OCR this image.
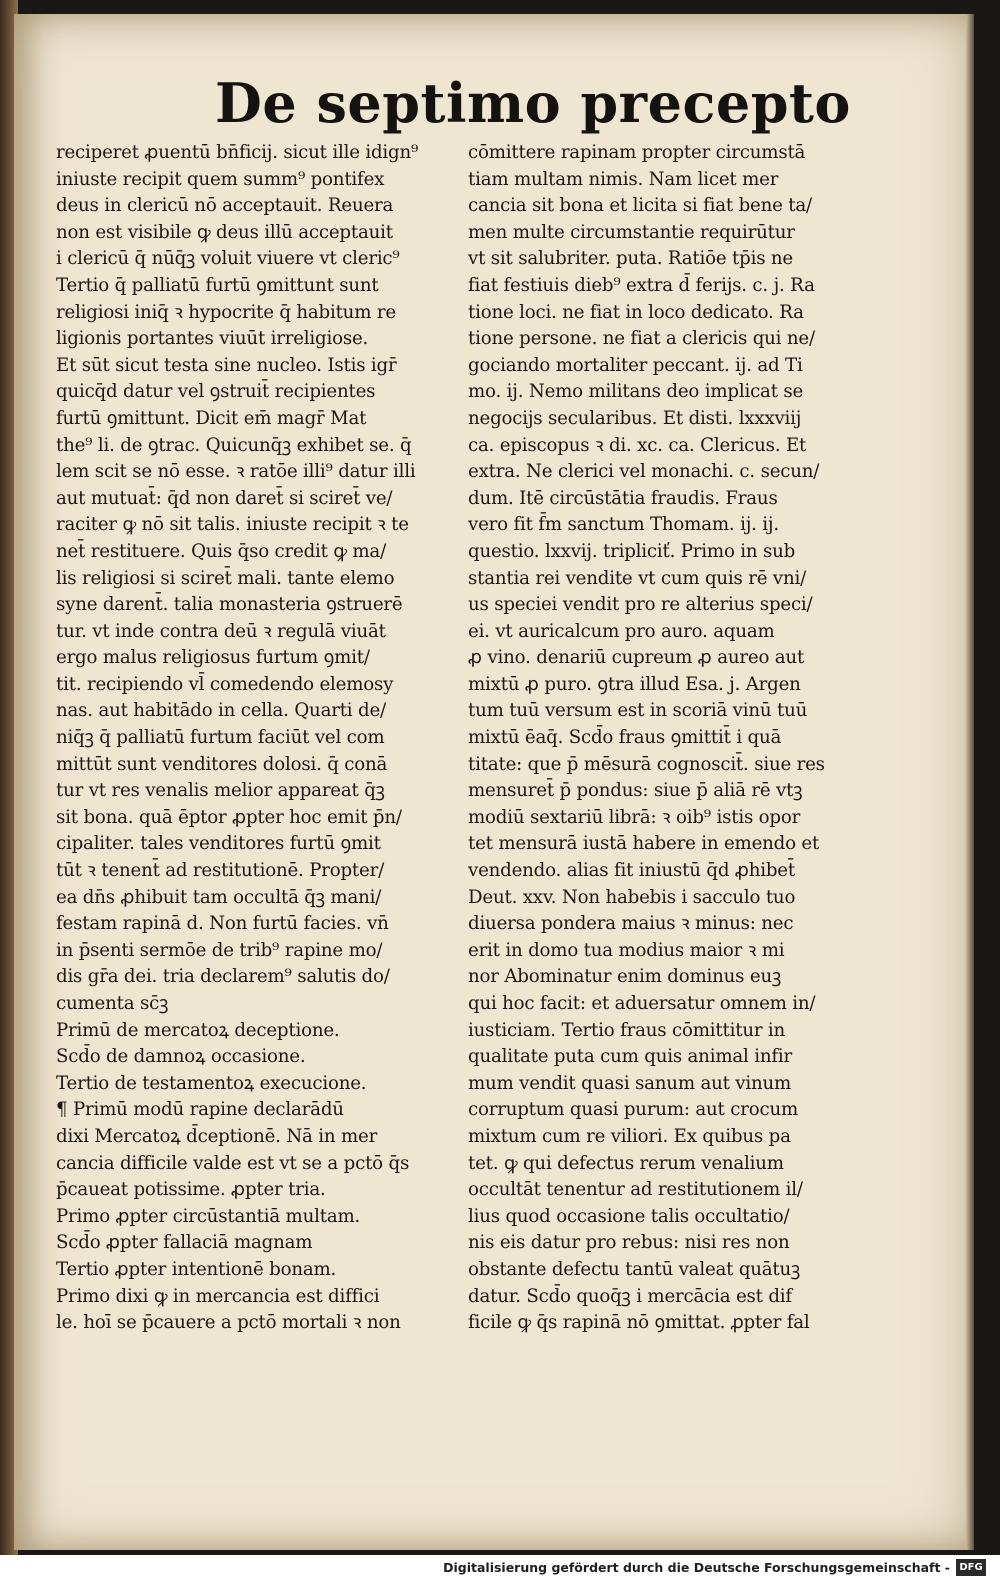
De septimo precepto
reciperet ꝓuentū bn̄ficij. sicut ille idign⁹
iniuste recipit quem summ⁹ pontifex
deus in clericū nō acceptauit. Reuera
non est visibile ꝙ deus illū acceptauit
i clericū q̄ nūq̄ꝫ voluit viuere vt cleric⁹
Tertio q̄ palliatū furtū ꝯmittunt sunt
religiosi iniq̄ ꝛ hypocrite q̄ habitum re
ligionis portantes viuūt irreligiose.
Et sūt sicut testa sine nucleo. Istis igr̄
quicq̄d datur vel ꝯstruit̄ recipientes
furtū ꝯmittunt. Dicit em̄ magr̄ Mat
the⁹ li. de ꝯtrac. Quicunq̄ꝫ exhibet se. q̄
lem scit se nō esse. ꝛ ratōe illi⁹ datur illi
aut mutuat̄: q̄d non daret̄ si sciret̄ ve/
raciter ꝙ nō sit talis. iniuste recipit ꝛ te
net̄ restituere. Quis q̄so credit ꝙ ma/
lis religiosi si sciret̄ mali. tante elemo
syne darent̄. talia monasteria ꝯstruerē
tur. vt inde contra deū ꝛ regulā viuāt
ergo malus religiosus furtum ꝯmit/
tit. recipiendo vl̄ comedendo elemosy
nas. aut habitādo in cella. Quarti de/
niq̄ꝫ q̄ palliatū furtum faciūt vel com
mittūt sunt venditores dolosi. q̄ conā
tur vt res venalis melior appareat q̄ꝫ
sit bona. quā ēptor ꝓpter hoc emit p̄n/
cipaliter. tales venditores furtū ꝯmit
tūt ꝛ tenent̄ ad restitutionē. Propter/
ea dn̄s ꝓhibuit tam occultā q̄ꝫ mani/
festam rapinā d. Non furtū facies. vn̄
in p̄senti sermōe de trib⁹ rapine mo/
dis gr̄a dei. tria declarem⁹ salutis do/
cumenta sc̄ꝫ
Primū de mercatoꝝ deceptione.
Scd̄o de damnoꝝ occasione.
Tertio de testamentoꝝ execucione.
¶ Primū modū rapine declarādū
dixi Mercatoꝝ d̄ceptionē. Nā in mer
cancia difficile valde est vt se a pctō q̄s
p̄caueat potissime. ꝓpter tria.
Primo ꝓpter circūstantiā multam.
Scd̄o ꝓpter fallaciā magnam
Tertio ꝓpter intentionē bonam.
Primo dixi ꝙ in mercancia est diffici
le. hoī se p̄cauere a pctō mortali ꝛ non
cōmittere rapinam propter circumstā
tiam multam nimis. Nam licet mer
cancia sit bona et licita si fiat bene ta/
men multe circumstantie requirūtur
vt sit salubriter. puta. Ratiōe tp̄is ne
fiat festiuis dieb⁹ extra d̄ ferijs. c. j. Ra
tione loci. ne fiat in loco dedicato. Ra
tione persone. ne fiat a clericis qui ne/
gociando mortaliter peccant. ij. ad Ti
mo. ij. Nemo militans deo implicat se
negocijs secularibus. Et disti. lxxxviij
ca. episcopus ꝛ di. xc. ca. Clericus. Et
extra. Ne clerici vel monachi. c. secun/
dum. Itē circūstātia fraudis. Fraus
vero fit f̄m sanctum Thomam. ij. ij.
questio. lxxvij. tripliciť. Primo in sub
stantia rei vendite vt cum quis rē vni/
us speciei vendit pro re alterius speci/
ei. vt auricalcum pro auro. aquam
ꝓ vino. denariū cupreum ꝓ aureo aut
mixtū ꝓ puro. ꝯtra illud Esa. j. Argen
tum tuū versum est in scoriā vinū tuū
mixtū ēaq̄. Scd̄o fraus ꝯmittit̄ i quā
titate: que p̄ mēsurā cognoscit̄. siue res
mensuret̄ p̄ pondus: siue p̄ aliā rē vtꝫ
modiū sextariū librā: ꝛ oib⁹ istis opor
tet mensurā iustā habere in emendo et
vendendo. alias fit iniustū q̄d ꝓhibet̄
Deut. xxv. Non habebis i sacculo tuo
diuersa pondera maius ꝛ minus: nec
erit in domo tua modius maior ꝛ mi
nor Abominatur enim dominus euꝫ
qui hoc facit: et aduersatur omnem in/
iusticiam. Tertio fraus cōmittitur in
qualitate puta cum quis animal infir
mum vendit quasi sanum aut vinum
corruptum quasi purum: aut crocum
mixtum cum re viliori. Ex quibus pa
tet. ꝙ qui defectus rerum venalium
occultāt tenentur ad restitutionem il/
lius quod occasione talis occultatio/
nis eis datur pro rebus: nisi res non
obstante defectu tantū valeat quātuꝫ
datur. Scd̄o quoq̄ꝫ i mercācia est dif
ficile ꝙ q̄s rapinā nō ꝯmittat. ꝓpter fal
Digitalisierung gefördert durch die Deutsche Forschungsgemeinschaft - DFG
